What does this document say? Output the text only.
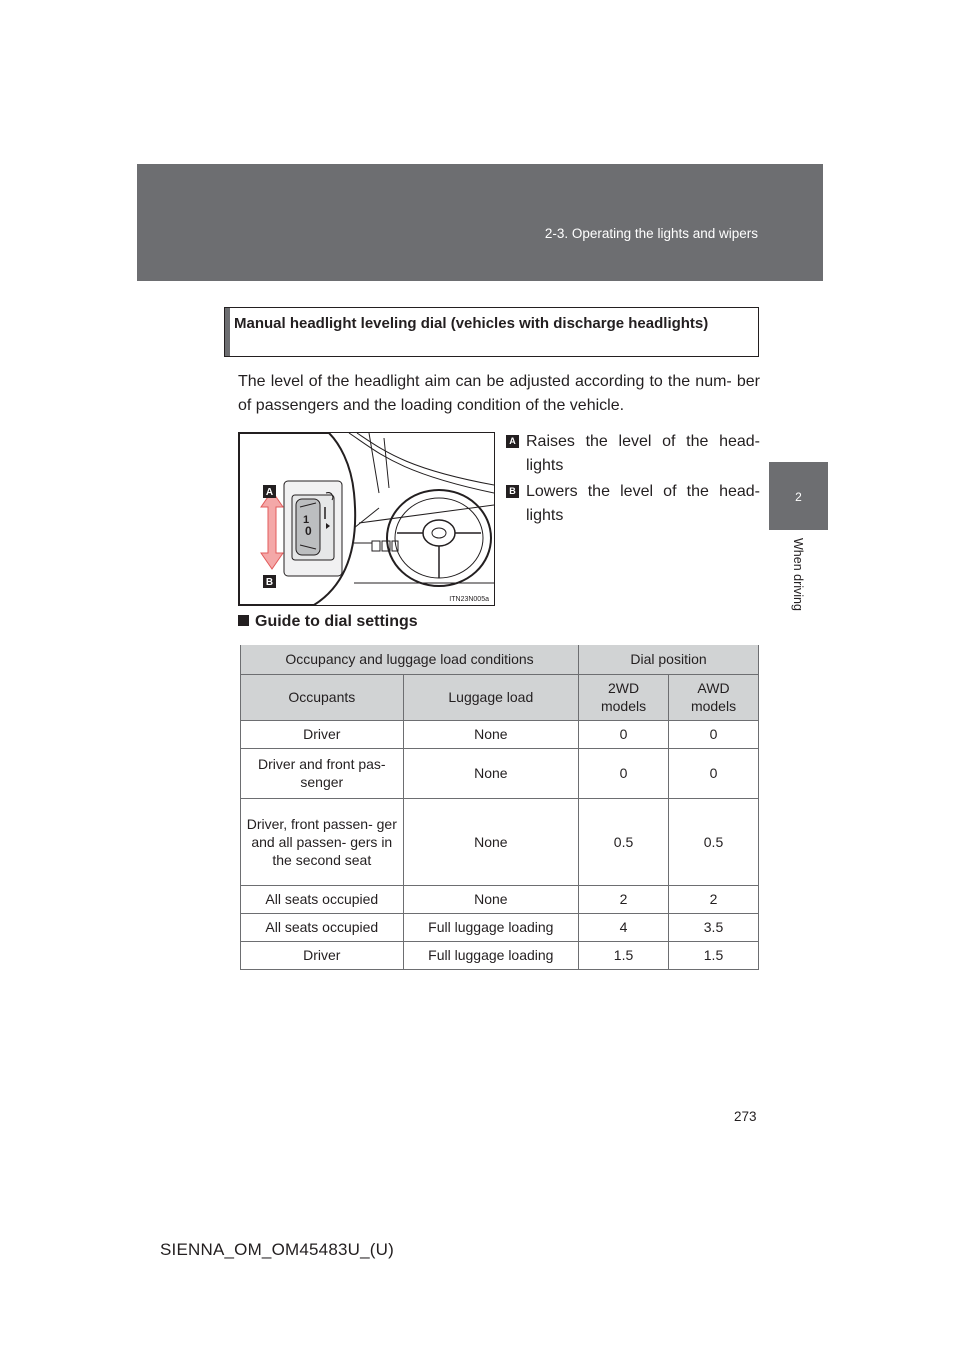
2-3. Operating the lights and wipers
2
When driving
Manual headlight leveling dial (vehicles with discharge headlights)
The level of the headlight aim can be adjusted according to the num- ber of passengers and the loading condition of the vehicle.
1
0
A
B
ITN23N005a
A Raises the level of the head- lights
B Lowers the level of the head- lights
Guide to dial settings
Occupancy and luggage load conditions		Dial position	
Occupants	Luggage load	2WD models	AWD models
Driver	None	0	0
Driver and front pas- senger	None	0	0
Driver, front passen- ger and all passen- gers in the second seat	None	0.5	0.5
All seats occupied	None	2	2
All seats occupied	Full luggage loading	4	3.5
Driver	Full luggage loading	1.5	1.5
273
SIENNA_OM_OM45483U_(U)
